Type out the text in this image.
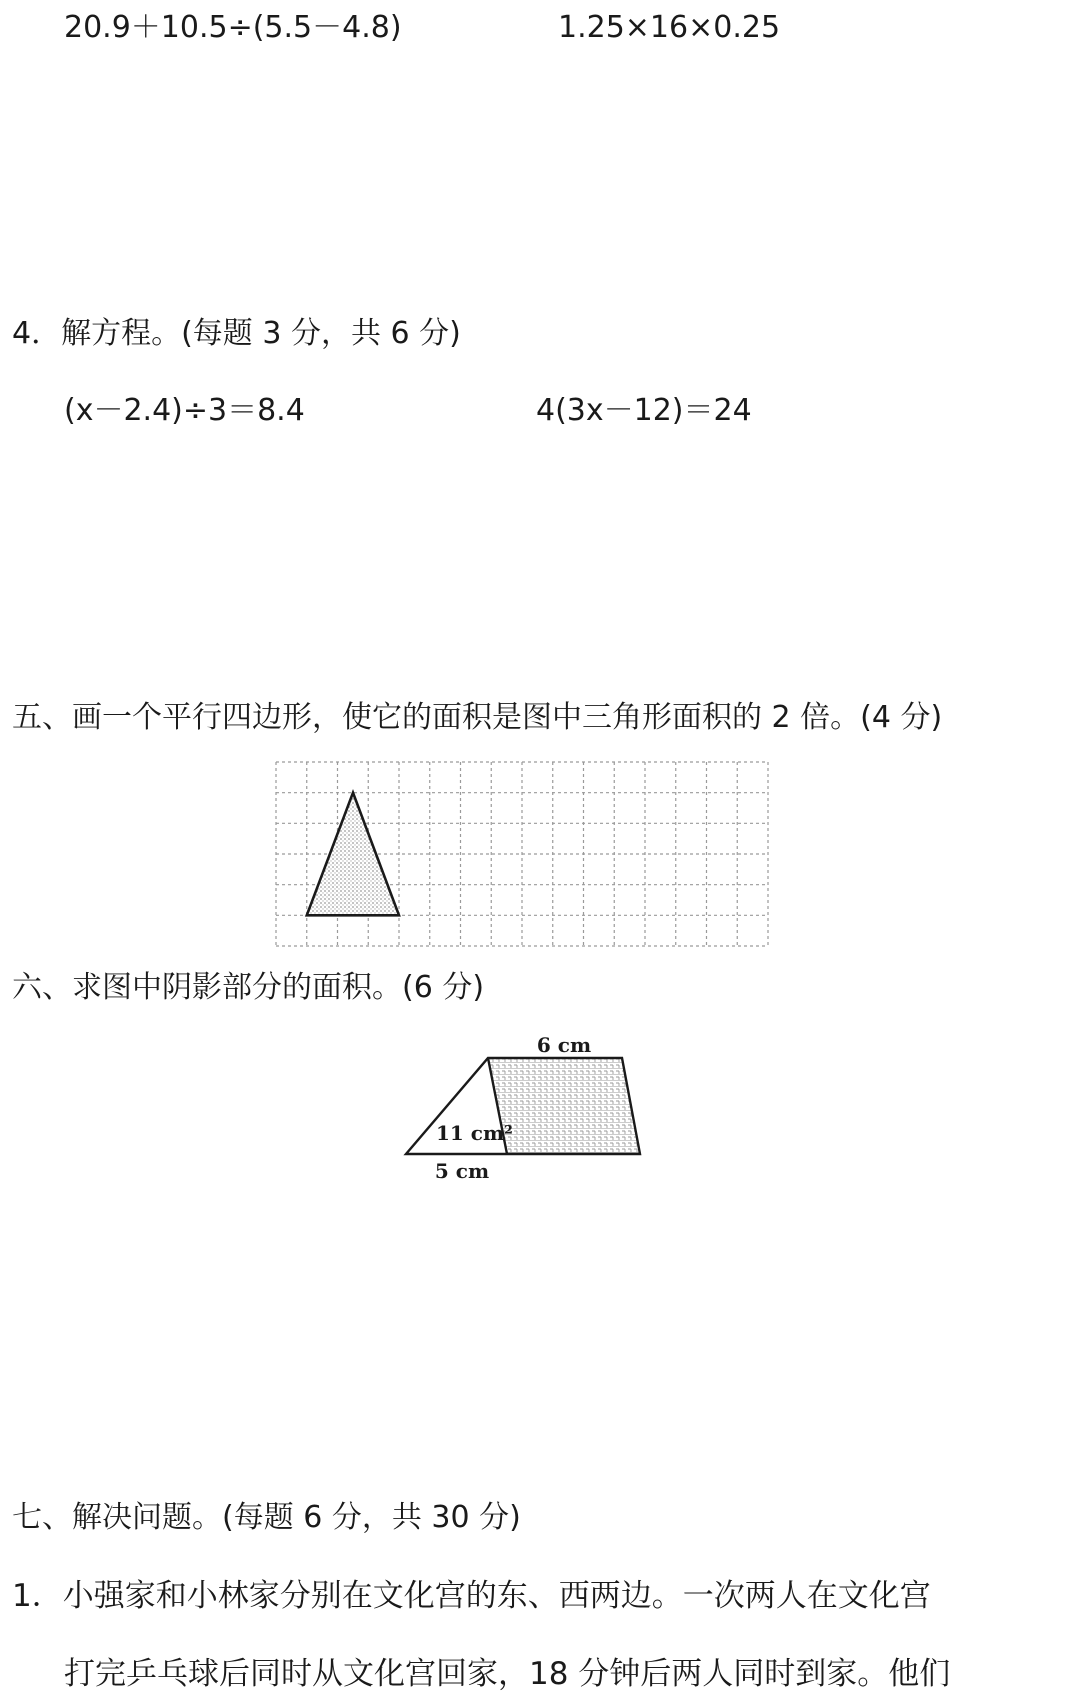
20.9＋10.5÷(5.5－4.8)	1.25×16×0.25
4．解方程。(每题 3 分，共 6 分)
(x－2.4)÷3＝8.4	4(3x－12)＝24
五、画一个平行四边形，使它的面积是图中三角形面积的 2 倍。(4 分)
六、求图中阴影部分的面积。(6 分)
6 cm
11 cm²
5 cm
七、解决问题。(每题 6 分，共 30 分)
1．小强家和小林家分别在文化宫的东、西两边。一次两人在文化宫
打完乒乓球后同时从文化宫回家，18 分钟后两人同时到家。他们
